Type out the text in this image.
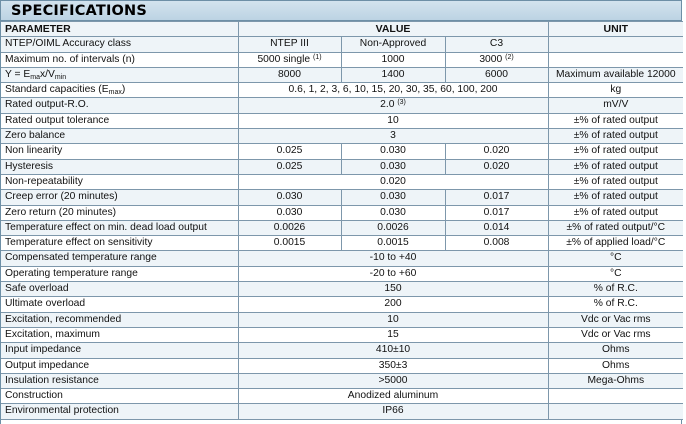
SPECIFICATIONS
PARAMETER	VALUE			UNIT
NTEP/OIML Accuracy class	NTEP III	Non-Approved	C3	
Maximum no. of intervals (n)	5000 single $^{(1)}$	1000	3000 $^{(2)}$	
$Y = E_{ma}x/V_{min}$	8000	1400	6000	Maximum available 12000
Standard capacities $(E_{max})$	0.6, 1, 2, 3, 6, 10, 15, 20, 30, 35, 60, 100, 200			kg
Rated output-R.O.	2.0 $^{(3)}$			mV/V
Rated output tolerance	10			±% of rated output
Zero balance	3			±% of rated output
Non linearity	0.025	0.030	0.020	±% of rated output
Hysteresis	0.025	0.030	0.020	±% of rated output
Non-repeatability	0.020			±% of rated output
Creep error (20 minutes)	0.030	0.030	0.017	±% of rated output
Zero return (20 minutes)	0.030	0.030	0.017	±% of rated output
Temperature effect on min. dead load output	0.0026	0.0026	0.014	±% of rated output/°C
Temperature effect on sensitivity	0.0015	0.0015	0.008	±% of applied load/°C
Compensated temperature range	-10 to +40			°C
Operating temperature range	-20 to +60			°C
Safe overload	150			% of R.C.
Ultimate overload	200			% of R.C.
Excitation, recommended	10			Vdc or Vac rms
Excitation, maximum	15			Vdc or Vac rms
Input impedance	410±10			Ohms
Output impedance	350±3			Ohms
Insulation resistance	>5000			Mega-Ohms
Construction	Anodized aluminum			
Environmental protection	IP66			
